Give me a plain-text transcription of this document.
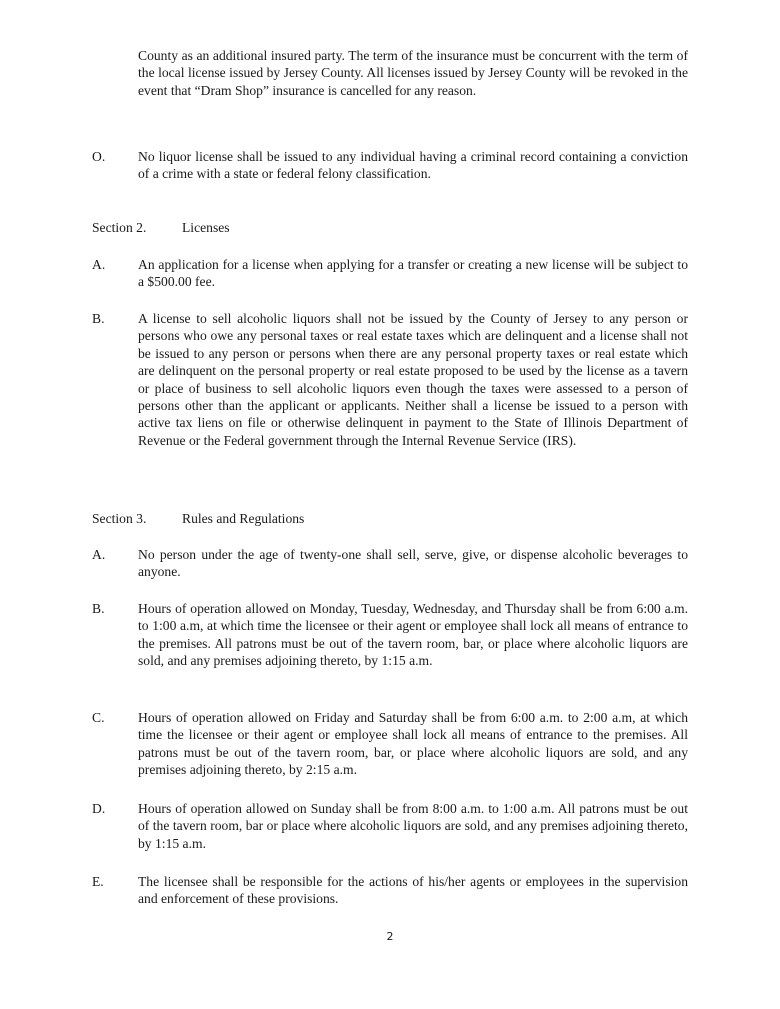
County as an additional insured party. The term of the insurance must be concurrent with the term of the local license issued by Jersey County. All licenses issued by Jersey County will be revoked in the event that “Dram Shop” insurance is cancelled for any reason.
O.	No liquor license shall be issued to any individual having a criminal record containing a conviction of a crime with a state or federal felony classification.
Section 2.	Licenses
A.	An application for a license when applying for a transfer or creating a new license will be subject to a $500.00 fee.
B.	A license to sell alcoholic liquors shall not be issued by the County of Jersey to any person or persons who owe any personal taxes or real estate taxes which are delinquent and a license shall not be issued to any person or persons when there are any personal property taxes or real estate which are delinquent on the personal property or real estate proposed to be used by the license as a tavern or place of business to sell alcoholic liquors even though the taxes were assessed to a person of persons other than the applicant or applicants. Neither shall a license be issued to a person with active tax liens on file or otherwise delinquent in payment to the State of Illinois Department of Revenue or the Federal government through the Internal Revenue Service (IRS).
Section 3.	Rules and Regulations
A.	No person under the age of twenty-one shall sell, serve, give, or dispense alcoholic beverages to anyone.
B.	Hours of operation allowed on Monday, Tuesday, Wednesday, and Thursday shall be from 6:00 a.m. to 1:00 a.m, at which time the licensee or their agent or employee shall lock all means of entrance to the premises. All patrons must be out of the tavern room, bar, or place where alcoholic liquors are sold, and any premises adjoining thereto, by 1:15 a.m.
C.	Hours of operation allowed on Friday and Saturday shall be from 6:00 a.m. to 2:00 a.m, at which time the licensee or their agent or employee shall lock all means of entrance to the premises. All patrons must be out of the tavern room, bar, or place where alcoholic liquors are sold, and any premises adjoining thereto, by 2:15 a.m.
D.	Hours of operation allowed on Sunday shall be from 8:00 a.m. to 1:00 a.m. All patrons must be out of the tavern room, bar or place where alcoholic liquors are sold, and any premises adjoining thereto, by 1:15 a.m.
E.	The licensee shall be responsible for the actions of his/her agents or employees in the supervision and enforcement of these provisions.
2
